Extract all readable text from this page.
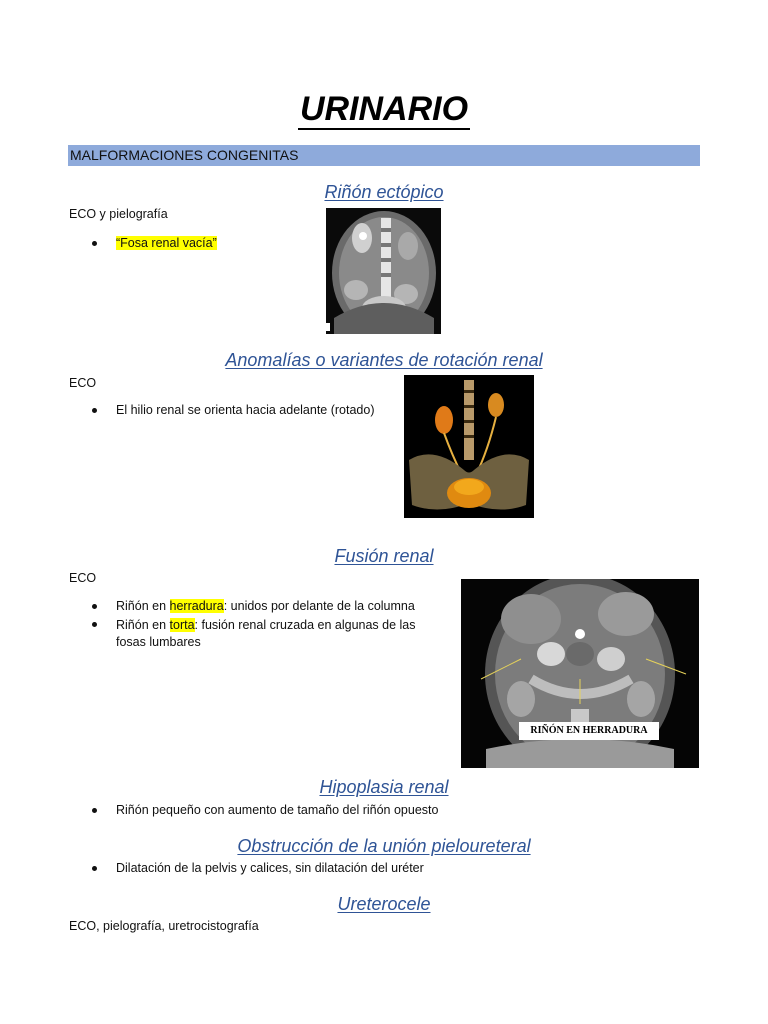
URINARIO
MALFORMACIONES CONGENITAS
Riñón ectópico
ECO y pielografía
“Fosa renal vacía”
Anomalías o variantes de rotación renal
ECO
El hilio renal se orienta hacia adelante (rotado)
Fusión renal
ECO
Riñón en herradura: unidos por delante de la columna
Riñón en torta: fusión renal cruzada en algunas de las fosas lumbares
RIÑÓN EN HERRADURA
Hipoplasia renal
Riñón pequeño con aumento de tamaño del riñón opuesto
Obstrucción de la unión pieloureteral
Dilatación de la pelvis y calices, sin dilatación del uréter
Ureterocele
ECO, pielografía, uretrocistografía
